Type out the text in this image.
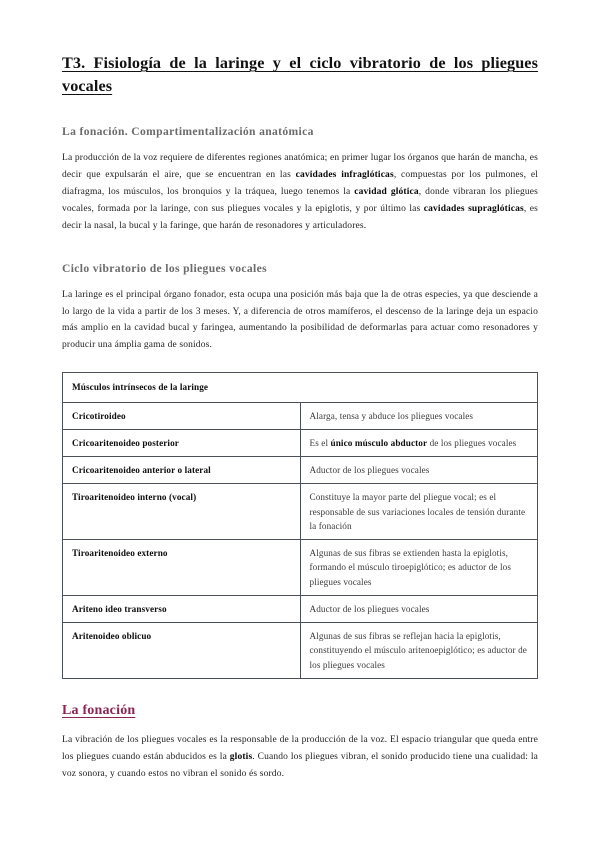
T3. Fisiología de la laringe y el ciclo vibratorio de los pliegues vocales
La fonación. Compartimentalización anatómica

La producción de la voz requiere de diferentes regiones anatómica; en primer lugar los órganos que harán de mancha, es decir que expulsarán el aire, que se encuentran en las cavidades infraglóticas, compuestas por los pulmones, el diafragma, los músculos, los bronquios y la tráquea, luego tenemos la cavidad glótica, donde vibraran los pliegues vocales, formada por la laringe, con sus pliegues vocales y la epiglotis, y por último las cavidades supraglóticas, es decir la nasal, la bucal y la faringe, que harán de resonadores y articuladores.

Ciclo vibratorio de los pliegues vocales

La laringe es el principal órgano fonador, esta ocupa una posición más baja que la de otras especies, ya que desciende a lo largo de la vida a partir de los 3 meses. Y, a diferencia de otros mamíferos, el descenso de la laringe deja un espacio más amplio en la cavidad bucal y faringea, aumentando la posibilidad de deformarlas para actuar como resonadores y producir una ámplia gama de sonidos.

Músculos intrínsecos de la laringe	
Cricotiroideo	Alarga, tensa y abduce los pliegues vocales
Cricoaritenoideo posterior	Es el único músculo abductor de los pliegues vocales
Cricoaritenoideo anterior o lateral	Aductor de los pliegues vocales
Tiroaritenoideo interno (vocal)	Constituye la mayor parte del pliegue vocal; es el responsable de sus variaciones locales de tensión durante la fonación
Tiroaritenoideo externo	Algunas de sus fibras se extienden hasta la epiglotis, formando el músculo tiroepiglótico; es aductor de los pliegues vocales
Ariteno ideo transverso	Aductor de los pliegues vocales
Aritenoideo oblicuo	Algunas de sus fibras se reflejan hacia la epiglotis, constituyendo el músculo aritenoepiglótico; es aductor de los pliegues vocales
La fonación

La vibración de los pliegues vocales es la responsable de la producción de la voz. El espacio triangular que queda entre los pliegues cuando están abducidos es la glotis. Cuando los pliegues vibran, el sonido producido tiene una cualidad: la voz sonora, y cuando estos no vibran el sonido és sordo.
